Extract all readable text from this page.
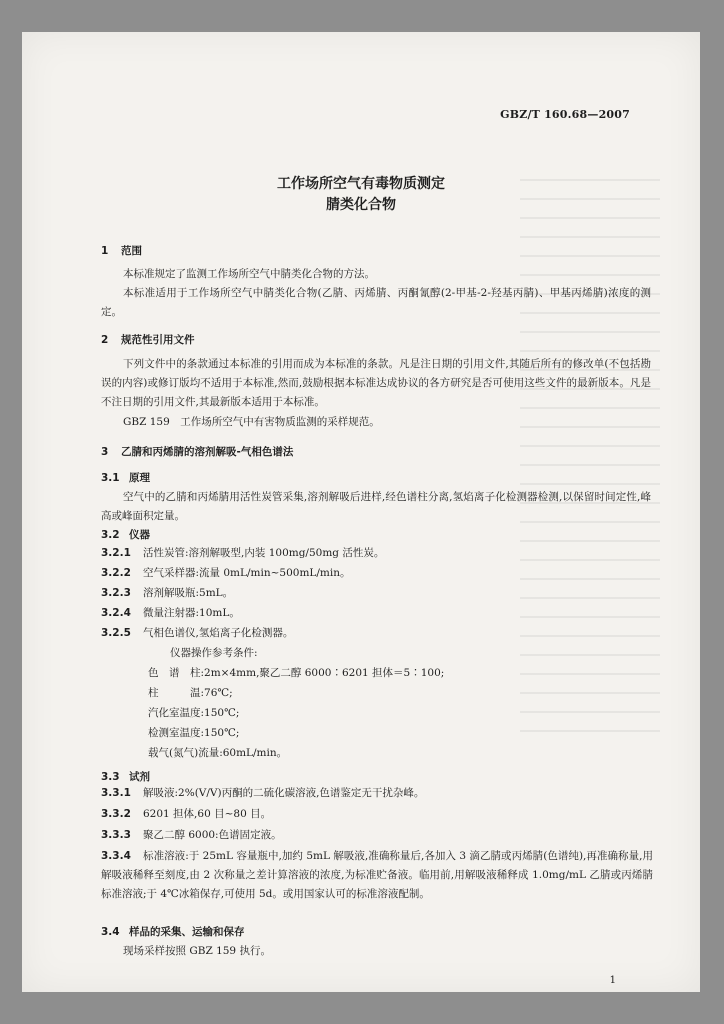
GBZ/T 160.68—2007
工作场所空气有毒物质测定
腈类化合物
1 范围
本标准规定了监测工作场所空气中腈类化合物的方法。
本标准适用于工作场所空气中腈类化合物(乙腈、丙烯腈、丙酮氰醇(2-甲基-2-羟基丙腈)、甲基丙烯腈)浓度的测定。
2 规范性引用文件
下列文件中的条款通过本标准的引用而成为本标准的条款。凡是注日期的引用文件,其随后所有的修改单(不包括勘误的内容)或修订版均不适用于本标准,然而,鼓励根据本标准达成协议的各方研究是否可使用这些文件的最新版本。凡是不注日期的引用文件,其最新版本适用于本标准。
GBZ 159　工作场所空气中有害物质监测的采样规范。
3 乙腈和丙烯腈的溶剂解吸-气相色谱法
3.1 原理
空气中的乙腈和丙烯腈用活性炭管采集,溶剂解吸后进样,经色谱柱分离,氢焰离子化检测器检测,以保留时间定性,峰高或峰面积定量。
3.2 仪器
3.2.1 活性炭管:溶剂解吸型,内装 100mg/50mg 活性炭。
3.2.2 空气采样器:流量 0mL/min~500mL/min。
3.2.3 溶剂解吸瓶:5mL。
3.2.4 微量注射器:10mL。
3.2.5 气相色谱仪,氢焰离子化检测器。
仪器操作参考条件:
色　谱　柱:2m×4mm,聚乙二醇 6000∶6201 担体＝5∶100;
柱　　　温:76℃;
汽化室温度:150℃;
检测室温度:150℃;
载气(氮气)流量:60mL/min。
3.3 试剂
3.3.1 解吸液:2%(V/V)丙酮的二硫化碳溶液,色谱鉴定无干扰杂峰。
3.3.2 6201 担体,60 目~80 目。
3.3.3 聚乙二醇 6000:色谱固定液。
3.3.4 标准溶液:于 25mL 容量瓶中,加约 5mL 解吸液,准确称量后,各加入 3 滴乙腈或丙烯腈(色谱纯),再准确称量,用解吸液稀释至刻度,由 2 次称量之差计算溶液的浓度,为标准贮备液。临用前,用解吸液稀释成 1.0mg/mL 乙腈或丙烯腈标准溶液;于 4℃冰箱保存,可使用 5d。或用国家认可的标准溶液配制。
3.4 样品的采集、运输和保存
现场采样按照 GBZ 159 执行。
1
